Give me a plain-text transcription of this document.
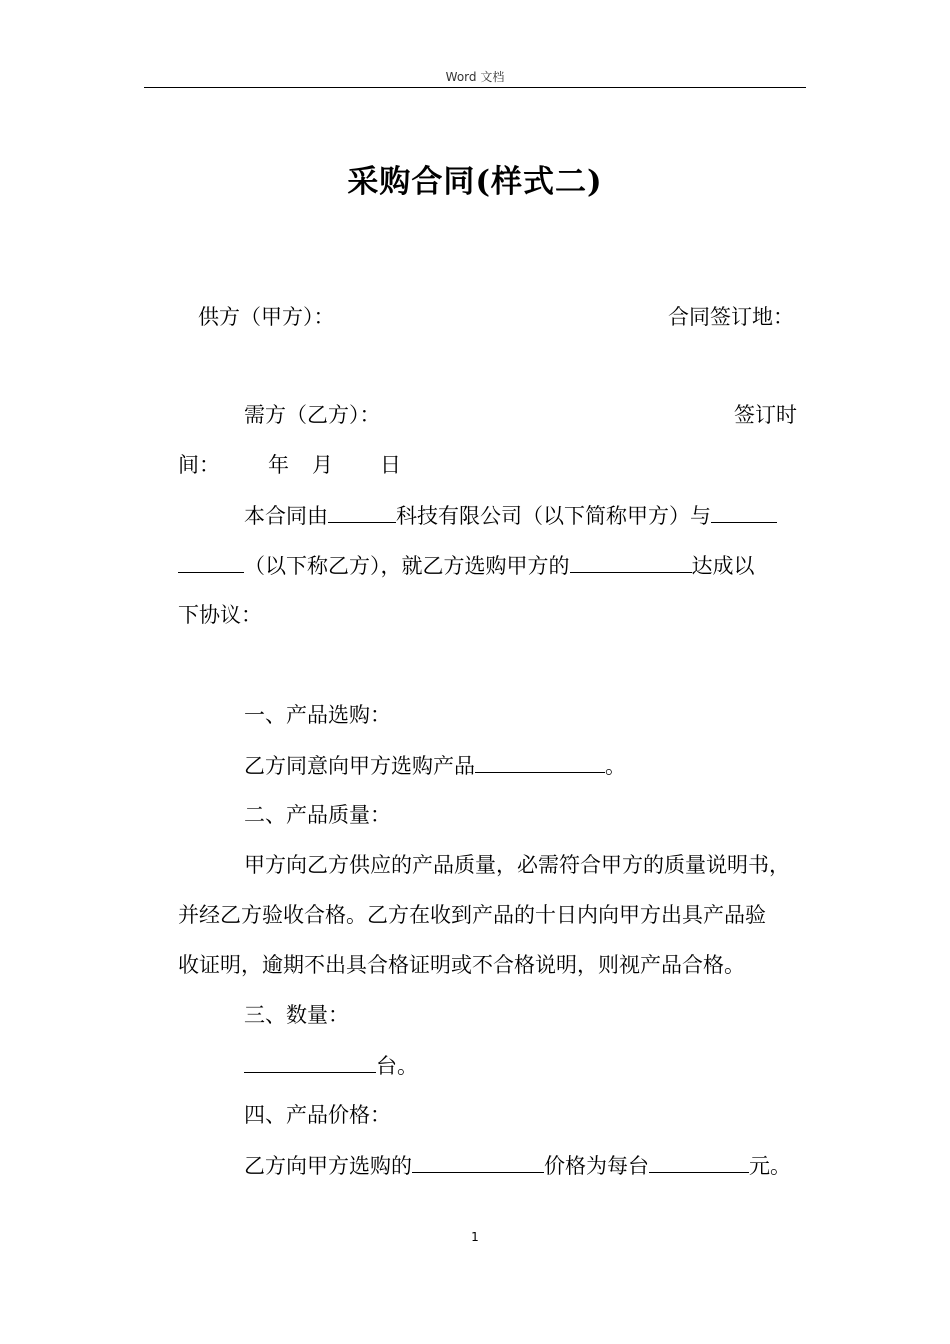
Word 文档
采购合同(样式二)
供方（甲方）：	合同签订地：
需方（乙方）：	签订时
间： 年 月 日
本合同由	科技有限公司（以下简称甲方）与
（以下称乙方），就乙方选购甲方的	达成以
下协议：
一、产品选购：
乙方同意向甲方选购产品	。
二、产品质量：
甲方向乙方供应的产品质量，必需符合甲方的质量说明书，
并经乙方验收合格。乙方在收到产品的十日内向甲方出具产品验
收证明，逾期不出具合格证明或不合格说明，则视产品合格。
三、数量：
台。
四、产品价格：
乙方向甲方选购的	价格为每台	元。
1
